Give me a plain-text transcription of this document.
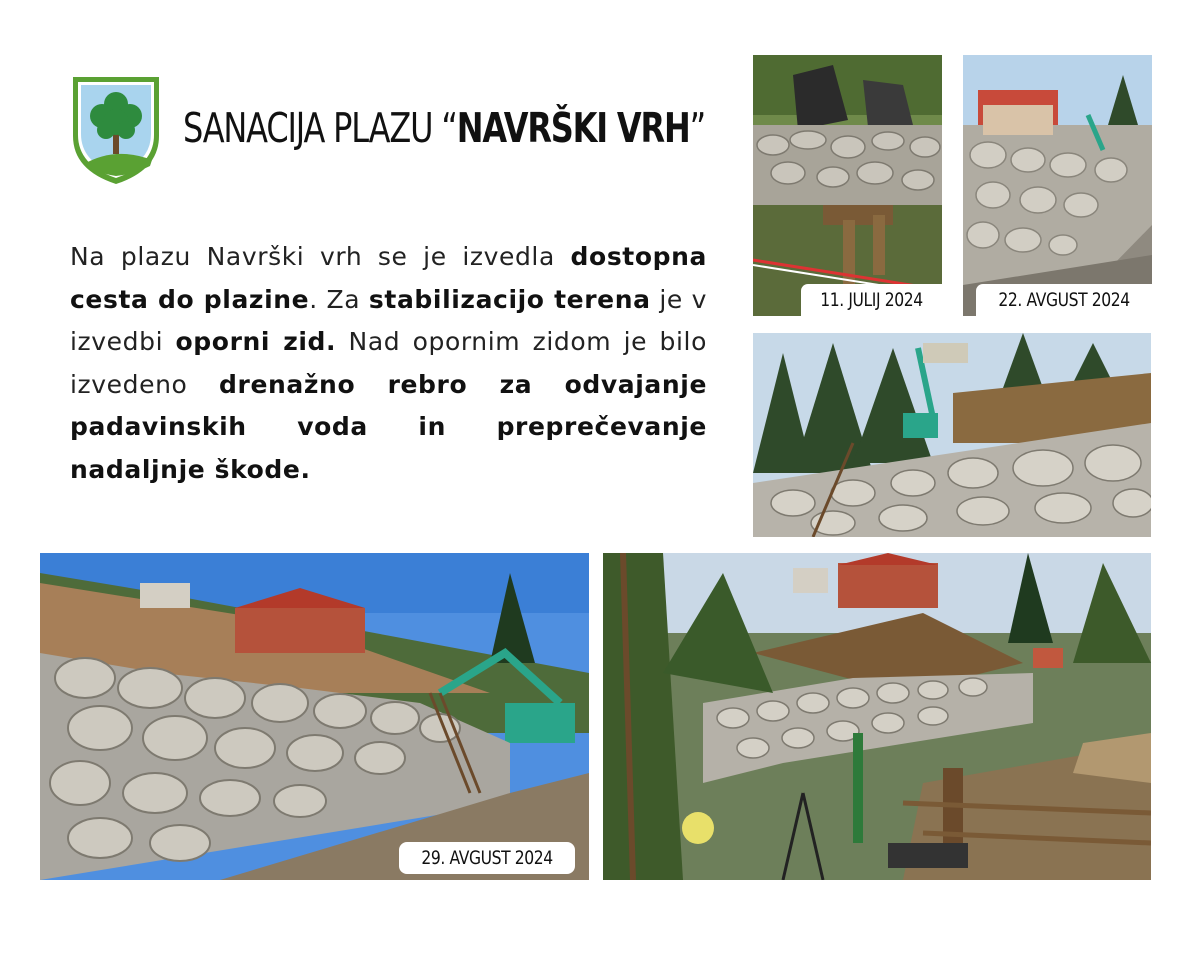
SANACIJA PLAZU “NAVRŠKI VRH”

Na plazu Navrški vrh se je izvedla dostopna cesta do plazine. Za stabilizacijo terena je v izvedbi oporni zid. Nad opornim zidom je bilo izvedeno drenažno rebro za odvajanje padavinskih voda in preprečevanje nadaljnje škode.

11. JULIJ 2024	22. AVGUST 2024
29. AVGUST 2024
